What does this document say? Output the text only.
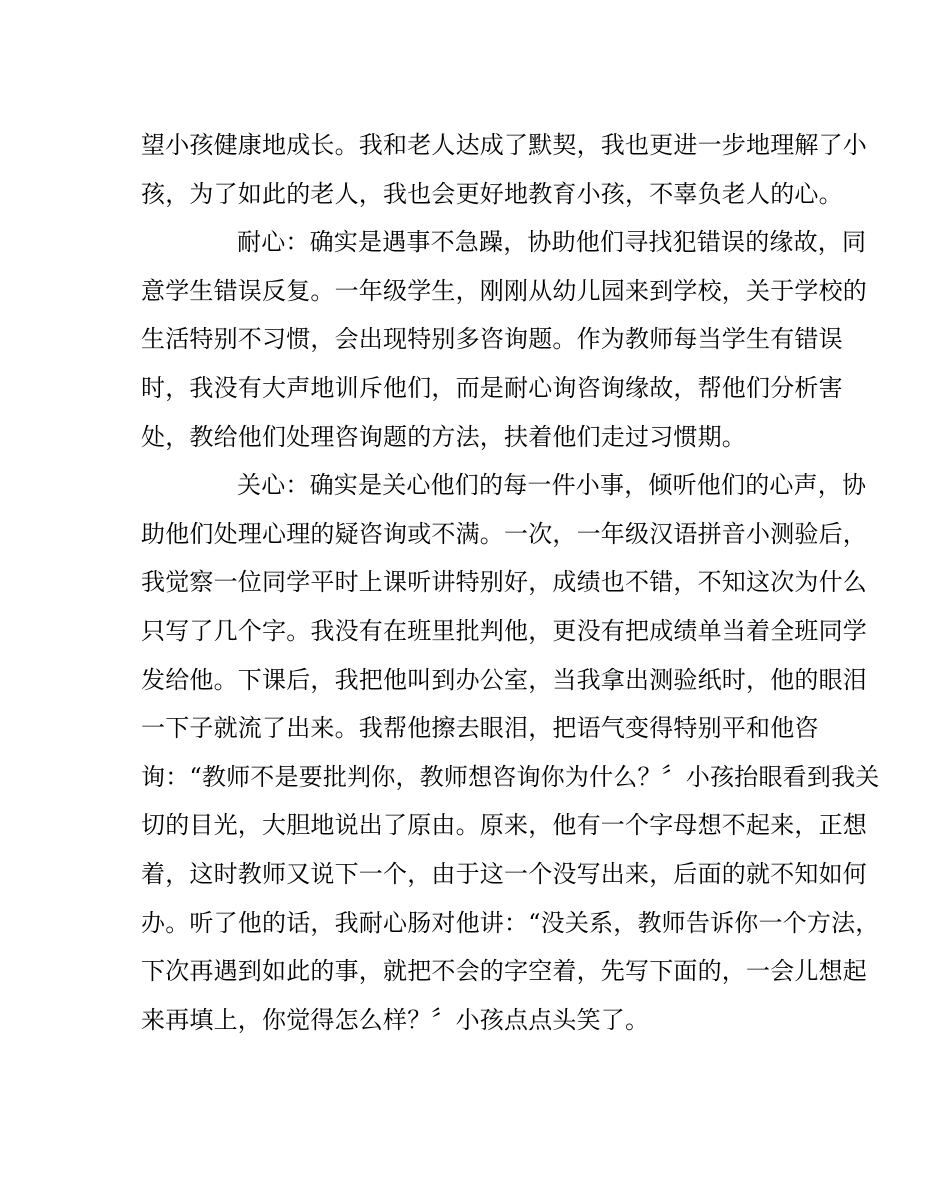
望小孩健康地成长。我和老人达成了默契，我也更进一步地理解了小
孩，为了如此的老人，我也会更好地教育小孩，不辜负老人的心。
耐心：确实是遇事不急躁，协助他们寻找犯错误的缘故，同
意学生错误反复。一年级学生，刚刚从幼儿园来到学校，关于学校的
生活特别不习惯，会出现特别多咨询题。作为教师每当学生有错误
时，我没有大声地训斥他们，而是耐心询咨询缘故，帮他们分析害
处，教给他们处理咨询题的方法，扶着他们走过习惯期。
关心：确实是关心他们的每一件小事，倾听他们的心声，协
助他们处理心理的疑咨询或不满。一次，一年级汉语拼音小测验后，
我觉察一位同学平时上课听讲特别好，成绩也不错，不知这次为什么
只写了几个字。我没有在班里批判他，更没有把成绩单当着全班同学
发给他。下课后，我把他叫到办公室，当我拿出测验纸时，他的眼泪
一下子就流了出来。我帮他擦去眼泪，把语气变得特别平和他咨
询：“教师不是要批判你，教师想咨询你为什么？〞小孩抬眼看到我关
切的目光，大胆地说出了原由。原来，他有一个字母想不起来，正想
着，这时教师又说下一个，由于这一个没写出来，后面的就不知如何
办。听了他的话，我耐心肠对他讲：“没关系，教师告诉你一个方法，
下次再遇到如此的事，就把不会的字空着，先写下面的，一会儿想起
来再填上，你觉得怎么样？〞小孩点点头笑了。
